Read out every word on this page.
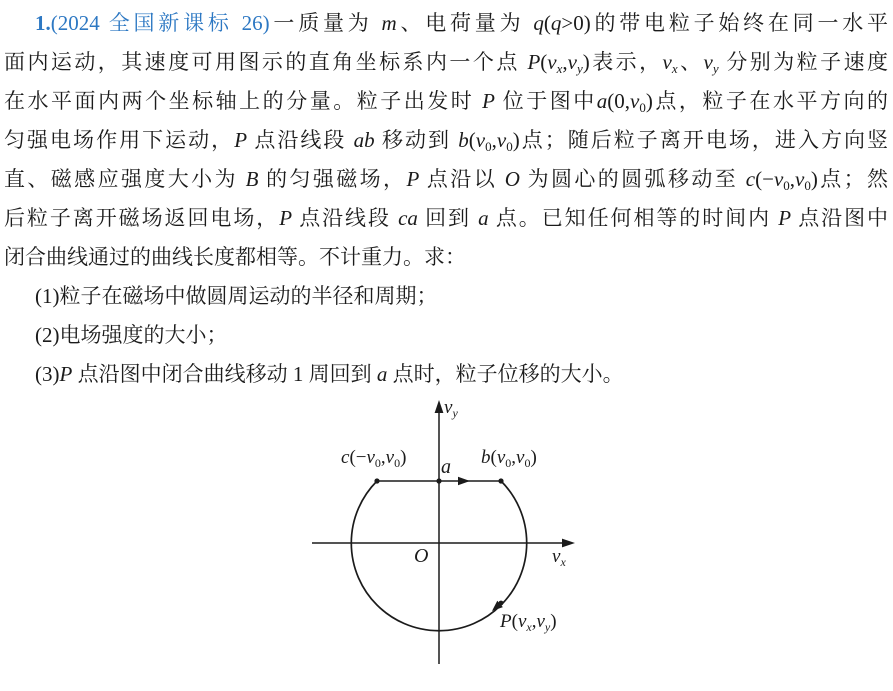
1.(2024 全国新课标 26)一质量为 m、电荷量为 q(q>0)的带电粒子始终在同一水平
面内运动，其速度可用图示的直角坐标系内一个点 P(vx,vy)表示，vx、vy 分别为粒子速度
在水平面内两个坐标轴上的分量。粒子出发时 P 位于图中a(0,v0)点，粒子在水平方向的
匀强电场作用下运动，P 点沿线段 ab 移动到 b(v0,v0)点；随后粒子离开电场，进入方向竖
直、磁感应强度大小为 B 的匀强磁场，P 点沿以 O 为圆心的圆弧移动至 c(−v0,v0)点；然
后粒子离开磁场返回电场，P 点沿线段 ca 回到 a 点。已知任何相等的时间内 P 点沿图中
闭合曲线通过的曲线长度都相等。不计重力。求：
(1)粒子在磁场中做圆周运动的半径和周期；
(2)电场强度的大小；
(3)P 点沿图中闭合曲线移动 1 周回到 a 点时，粒子位移的大小。
$v_y$
$v_x$
$c(-v_0,v_0)$ a $b(v_0,v_0)$
O
$P(v_x,v_y)$
